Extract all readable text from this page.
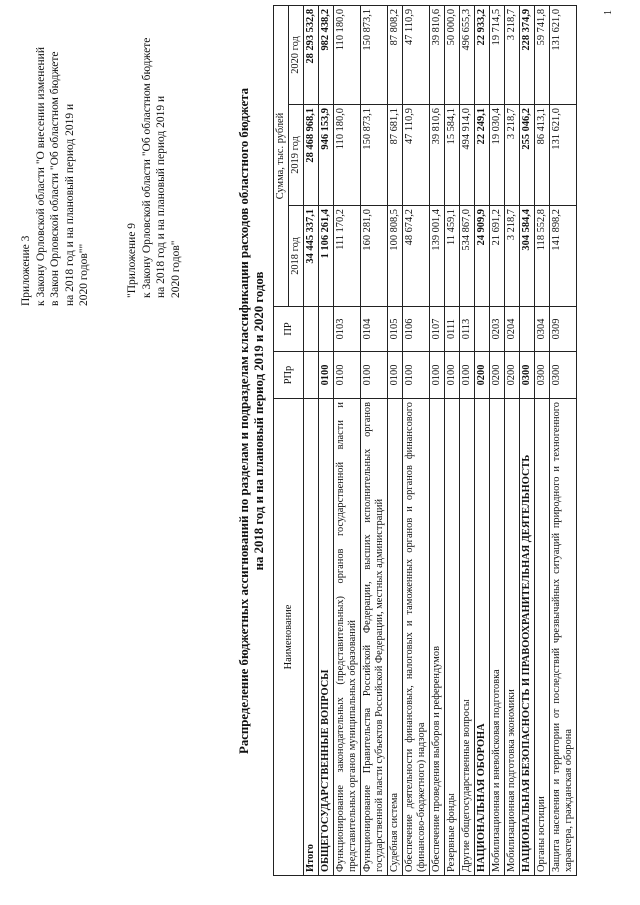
Приложение 3 к Закону Орловской области "О внесении изменений в Закон Орловской области "Об областном бюджете на 2018 год и на плановый период 2019 и 2020 годов""	"Приложение 9 к Закону Орловской области "Об областном бюджете на 2018 год и на плановый период 2019 и 2020 годов"	Распределение бюджетных ассигнований по разделам и подразделам классификации расходов областного бюджета на 2018 год и на плановый период 2019 и 2020 годов
Наименование	РПр	ПР	Сумма, тыс. рублей		
			2018 год	2019 год	2020 год
Итого			34 445 337,1	28 468 968,1	28 293 532,8
ОБЩЕГОСУДАРСТВЕННЫЕ ВОПРОСЫ	0100		1 106 261,4	946 153,9	982 438,2
Функционирование законодательных (представительных) органов государственной власти и представительных органов муниципальных образований	0100	0103	111 170,2	110 180,0	110 180,0
Функционирование Правительства Российской Федерации, высших исполнительных органов государственной власти субъектов Российской Федерации, местных администраций	0100	0104	160 281,0	150 873,1	150 873,1
Судебная система	0100	0105	100 808,5	87 681,1	87 808,2
Обеспечение деятельности финансовых, налоговых и таможенных органов и органов финансового (финансово-бюджетного) надзора	0100	0106	48 674,2	47 110,9	47 110,9
Обеспечение проведения выборов и референдумов	0100	0107	139 001,4	39 810,6	39 810,6
Резервные фонды	0100	0111	11 459,1	15 584,1	50 000,0
Другие общегосударственные вопросы	0100	0113	534 867,0	494 914,0	496 655,3
НАЦИОНАЛЬНАЯ ОБОРОНА	0200		24 909,9	22 249,1	22 933,2
Мобилизационная и вневойсковая подготовка	0200	0203	21 691,2	19 030,4	19 714,5
Мобилизационная подготовка экономики	0200	0204	3 218,7	3 218,7	3 218,7
НАЦИОНАЛЬНАЯ БЕЗОПАСНОСТЬ И ПРАВООХРАНИТЕЛЬНАЯ ДЕЯТЕЛЬНОСТЬ	0300		304 584,4	255 046,2	228 374,9
Органы юстиции	0300	0304	118 552,8	86 413,1	59 741,8
Защита населения и территории от последствий чрезвычайных ситуаций природного и техногенного характера, гражданская оборона	0300	0309	141 898,2	131 621,0	131 621,0	1
